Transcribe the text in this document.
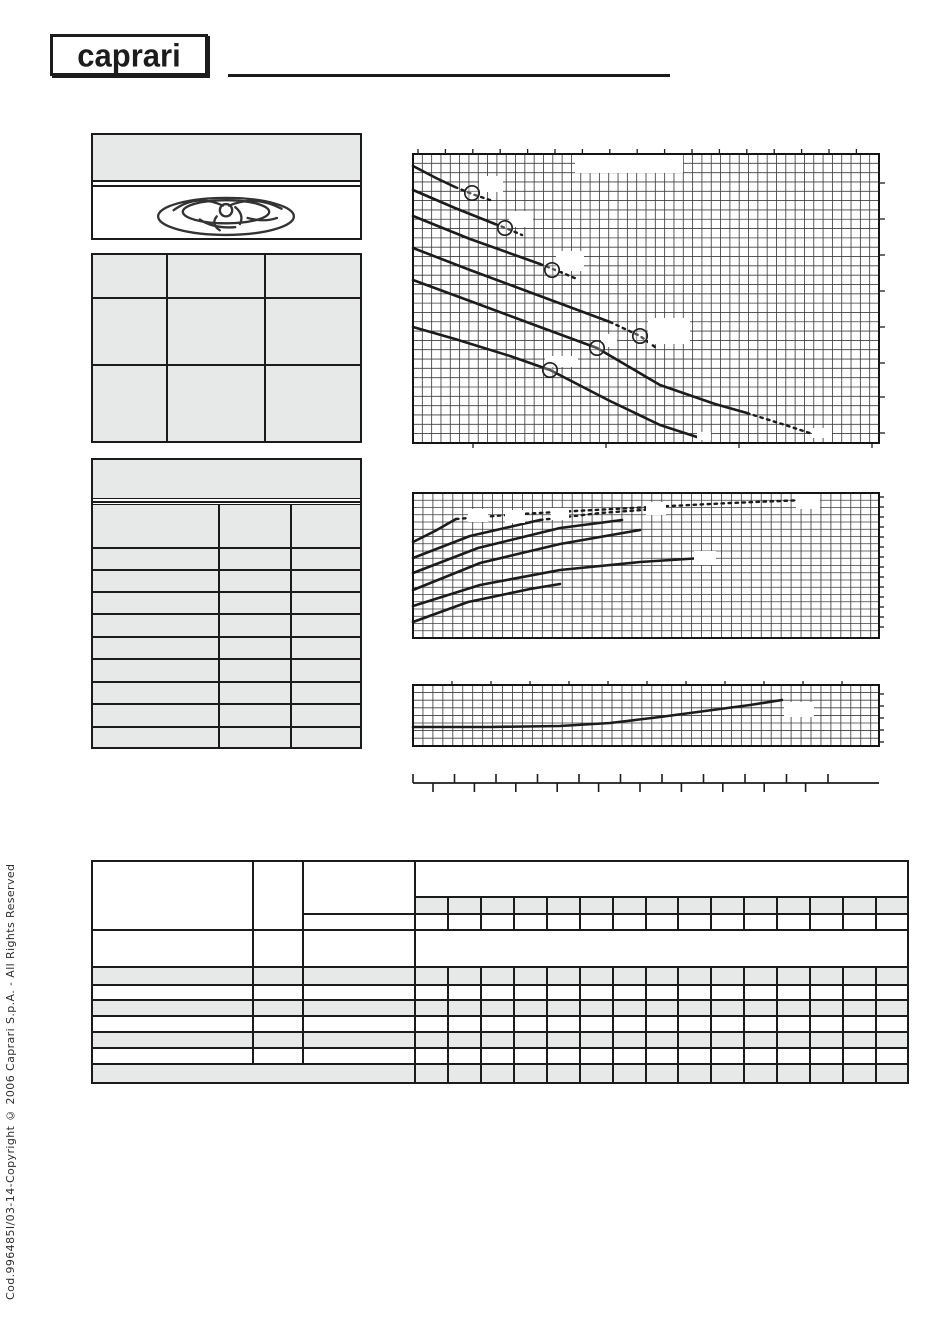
caprari
Cod.996485I/03-14-Copyright © 2006 Caprari S.p.A. - All Rights Reserved
